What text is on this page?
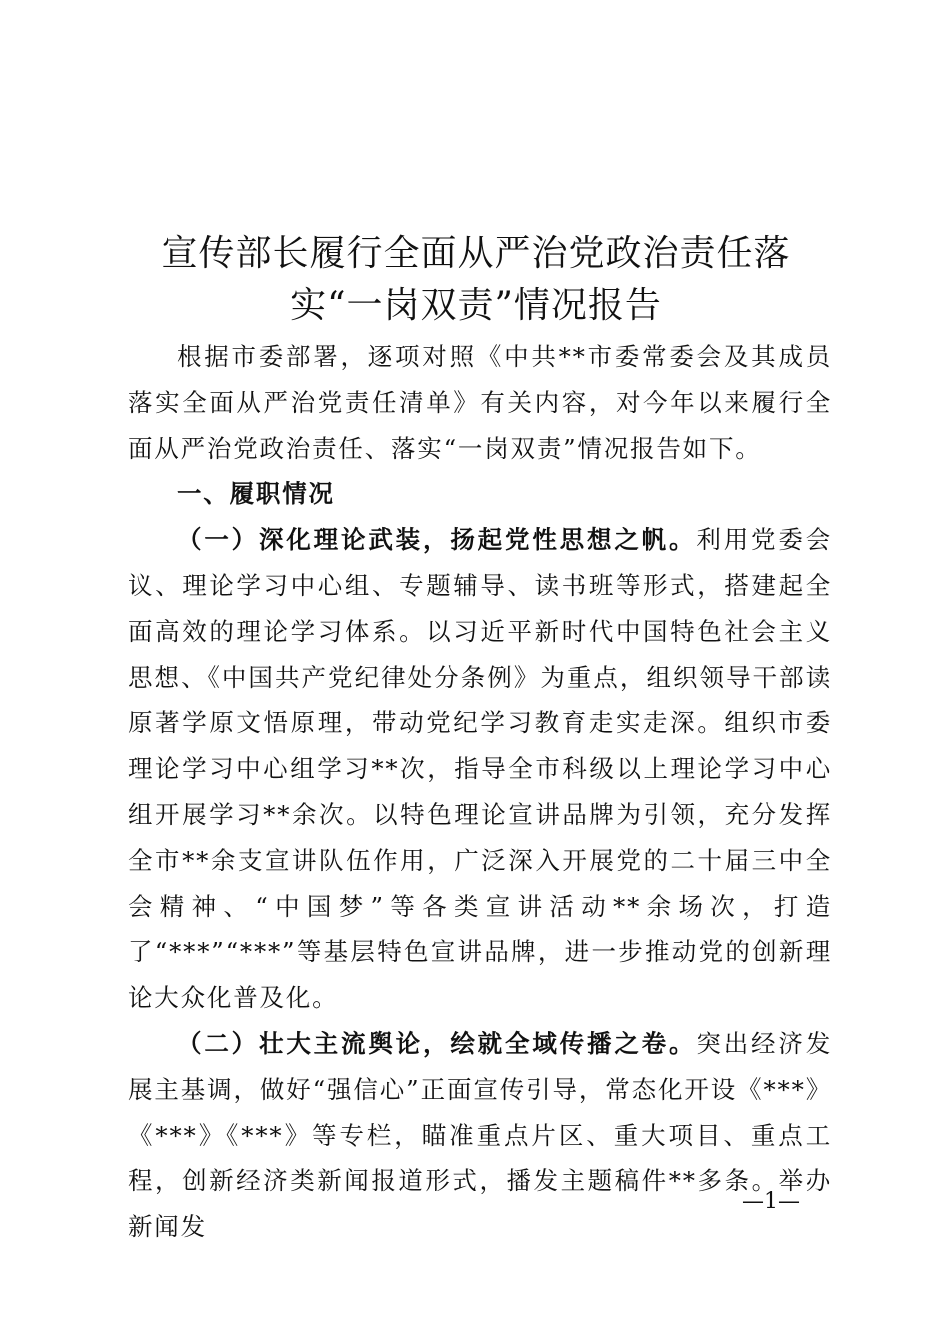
宣传部长履行全面从严治党政治责任落实“一岗双责”情况报告

根据市委部署，逐项对照《中共**市委常委会及其成员落实全面从严治党责任清单》有关内容，对今年以来履行全面从严治党政治责任、落实“一岗双责”情况报告如下。

一、履职情况

（一）深化理论武装，扬起党性思想之帆。利用党委会议、理论学习中心组、专题辅导、读书班等形式，搭建起全面高效的理论学习体系。以习近平新时代中国特色社会主义思想、《中国共产党纪律处分条例》为重点，组织领导干部读原著学原文悟原理，带动党纪学习教育走实走深。组织市委理论学习中心组学习**次，指导全市科级以上理论学习中心组开展学习**余次。以特色理论宣讲品牌为引领，充分发挥全市**余支宣讲队伍作用，广泛深入开展党的二十届三中全会精神、“中国梦”等各类宣讲活动**余场次，打造了“***”“***”等基层特色宣讲品牌，进一步推动党的创新理论大众化普及化。

（二）壮大主流舆论，绘就全域传播之卷。突出经济发展主基调，做好“强信心”正面宣传引导，常态化开设《***》《***》《***》等专栏，瞄准重点片区、重大项目、重点工程，创新经济类新闻报道形式，播发主题稿件**多条。举办新闻发

—1—
